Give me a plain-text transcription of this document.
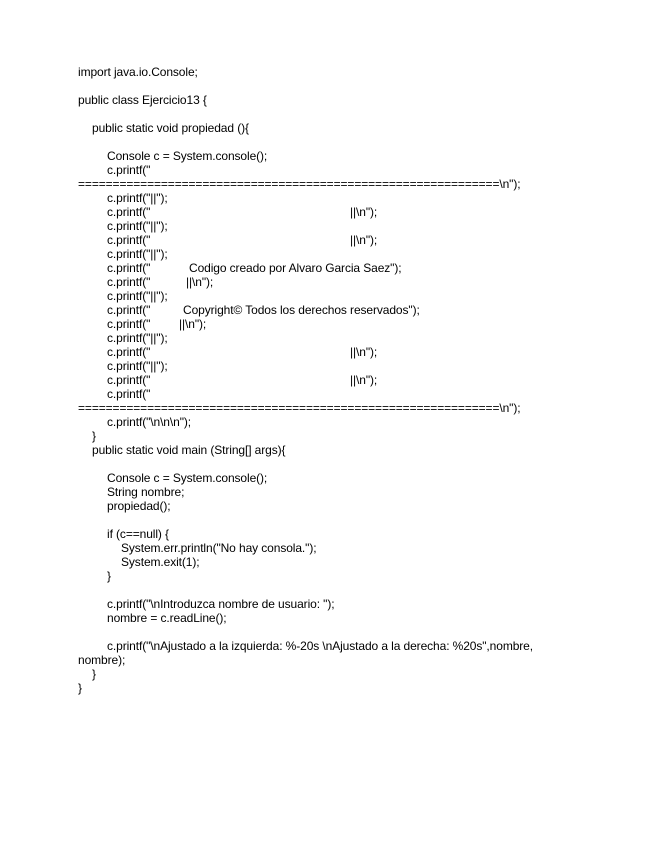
import java.io.Console;
public class Ejercicio13 {
public static void propiedad (){
Console c = System.console();
c.printf("
=============================================================\n");
c.printf("||");
c.printf("	||\n");
c.printf("||");
c.printf("	||\n");
c.printf("||");
c.printf("	Codigo creado por Alvaro Garcia Saez");
c.printf("	||\n");
c.printf("||");
c.printf("	Copyright© Todos los derechos reservados");
c.printf(" ||\n");
c.printf("||");
c.printf("	||\n");
c.printf("||");
c.printf("	||\n");
c.printf("
=============================================================\n");
c.printf("\n\n\n");
}
public static void main (String[] args){
Console c = System.console();
String nombre;
propiedad();
if (c==null) {
System.err.println("No hay consola.");
System.exit(1);
}
c.printf("\nIntroduzca nombre de usuario: ");
nombre = c.readLine();
c.printf("\nAjustado a la izquierda: %-20s \nAjustado a la derecha: %20s",nombre,
nombre);
}
}
